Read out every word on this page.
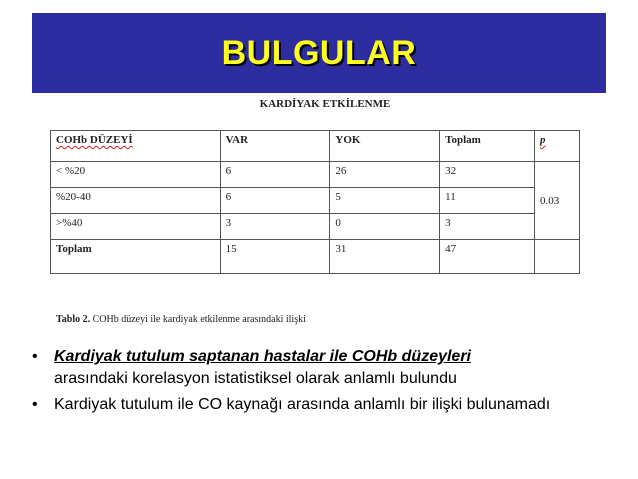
BULGULAR
KARDİYAK ETKİLENME
COHb DÜZEYİ	VAR	YOK	Toplam	p
< %20	6	26	32	0.03
%20-40	6	5	11	
>%40	3	0	3	
Toplam	15	31	47	
Tablo 2. COHb düzeyi ile kardiyak etkilenme arasındaki ilişki
• Kardiyak tutulum saptanan hastalar ile COHb düzeyleri
arasındaki korelasyon istatistiksel olarak anlamlı bulundu
• Kardiyak tutulum ile CO kaynağı arasında anlamlı bir ilişki bulunamadı
